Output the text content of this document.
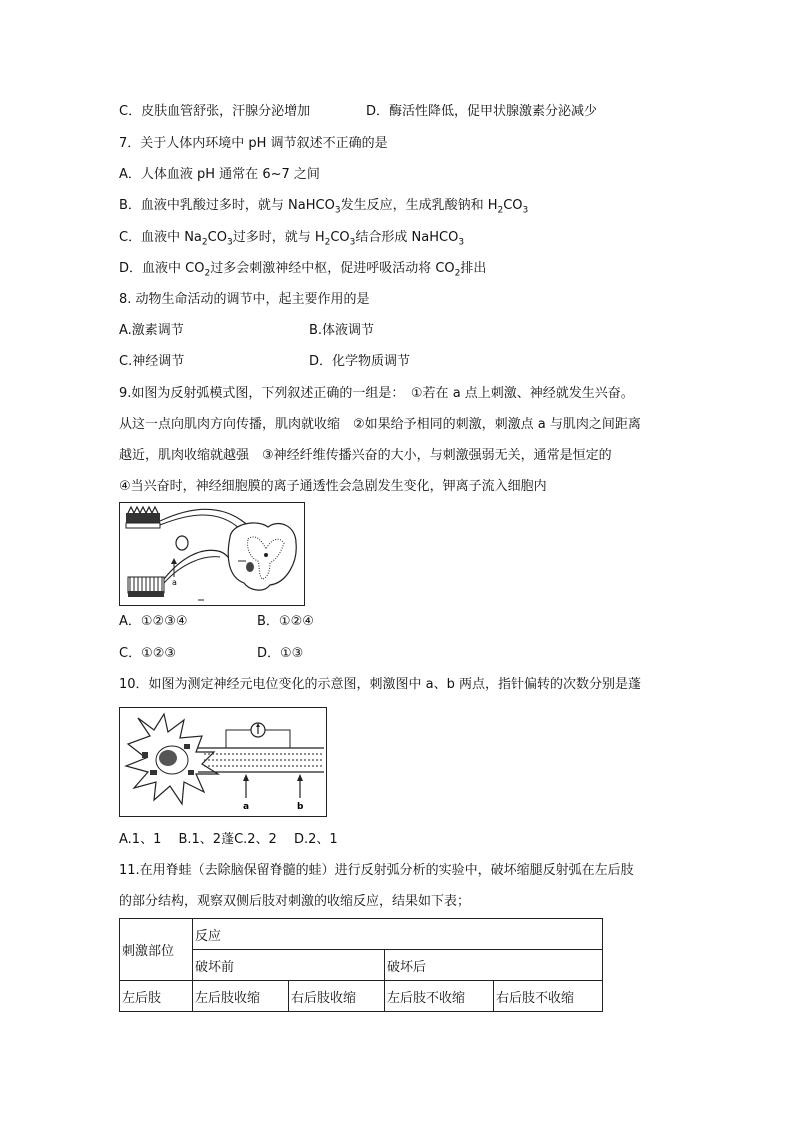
C．皮肤血管舒张，汗腺分泌增加	D．酶活性降低，促甲状腺激素分泌减少
7．关于人体内环境中 pH 调节叙述不正确的是
A．人体血液 pH 通常在 6~7 之间
B．血液中乳酸过多时，就与 NaHCO$_3$发生反应，生成乳酸钠和 $H_2CO_3$
C．血液中 $Na_2CO_3$过多时，就与 $H_2CO_3$结合形成 NaHCO$_3$
D．血液中 $CO_2$过多会刺激神经中枢，促进呼吸活动将 $CO_2$排出
8. 动物生命活动的调节中，起主要作用的是
A.激素调节	B.体液调节
C.神经调节	D．化学物质调节
9.如图为反射弧模式图，下列叙述正确的一组是：　①若在 a 点上刺激、神经就发生兴奋。
从这一点向肌肉方向传播，肌肉就收缩　②如果给予相同的刺激，刺激点 a 与肌肉之间距离
越近，肌肉收缩就越强　③神经纤维传播兴奋的大小，与刺激强弱无关，通常是恒定的
④当兴奋时，神经细胞膜的离子通透性会急剧发生变化，钾离子流入细胞内
a
A．①②③④	B．①②④
C．①②③	D．①③
10．如图为测定神经元电位变化的示意图，刺激图中 a、b 两点，指针偏转的次数分别是蓬
a	b
A.1、1　 B.1、2蓬C.2、2　 D.2、1
11.在用脊蛙（去除脑保留脊髓的蛙）进行反射弧分析的实验中，破坏缩腿反射弧在左后肢
的部分结构，观察双侧后肢对刺激的收缩反应，结果如下表；
刺激部位	反应			
	破坏前		破坏后	
左后肢	左后肢收缩	右后肢收缩	左后肢不收缩	右后肢不收缩
